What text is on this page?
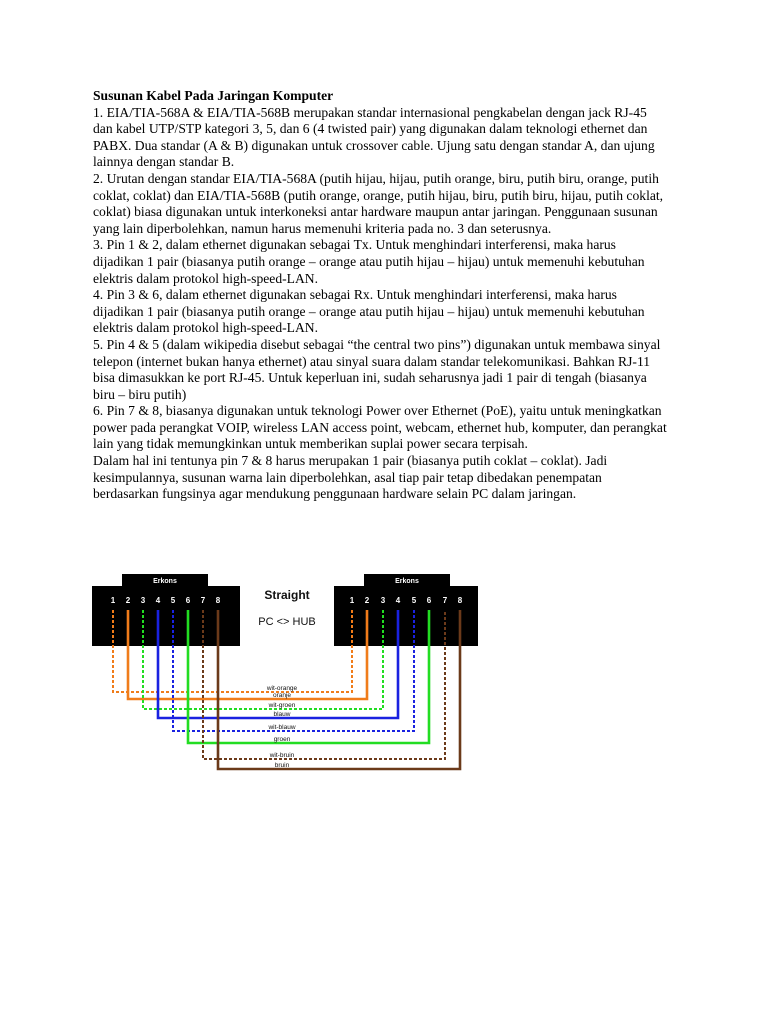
Susunan Kabel Pada Jaringan Komputer

1. EIA/TIA-568A & EIA/TIA-568B merupakan standar internasional pengkabelan dengan jack RJ-45 dan kabel UTP/STP kategori 3, 5, dan 6 (4 twisted pair) yang digunakan dalam teknologi ethernet dan PABX. Dua standar (A & B) digunakan untuk crossover cable. Ujung satu dengan standar A, dan ujung lainnya dengan standar B.

2. Urutan dengan standar EIA/TIA-568A (putih hijau, hijau, putih orange, biru, putih biru, orange, putih coklat, coklat) dan EIA/TIA-568B (putih orange, orange, putih hijau, biru, putih biru, hijau, putih coklat, coklat) biasa digunakan untuk interkoneksi antar hardware maupun antar jaringan. Penggunaan susunan yang lain diperbolehkan, namun harus memenuhi kriteria pada no. 3 dan seterusnya.

3. Pin 1 & 2, dalam ethernet digunakan sebagai Tx. Untuk menghindari interferensi, maka harus dijadikan 1 pair (biasanya putih orange – orange atau putih hijau – hijau) untuk memenuhi kebutuhan elektris dalam protokol high-speed-LAN.

4. Pin 3 & 6, dalam ethernet digunakan sebagai Rx. Untuk menghindari interferensi, maka harus dijadikan 1 pair (biasanya putih orange – orange atau putih hijau – hijau) untuk memenuhi kebutuhan elektris dalam protokol high-speed-LAN.

5. Pin 4 & 5 (dalam wikipedia disebut sebagai “the central two pins”) digunakan untuk membawa sinyal telepon (internet bukan hanya ethernet) atau sinyal suara dalam standar telekomunikasi. Bahkan RJ-11 bisa dimasukkan ke port RJ-45. Untuk keperluan ini, sudah seharusnya jadi 1 pair di tengah (biasanya biru – biru putih)

6. Pin 7 & 8, biasanya digunakan untuk teknologi Power over Ethernet (PoE), yaitu untuk meningkatkan power pada perangkat VOIP, wireless LAN access point, webcam, ethernet hub, komputer, dan perangkat lain yang tidak memungkinkan untuk memberikan suplai power secara terpisah.

Dalam hal ini tentunya pin 7 & 8 harus merupakan 1 pair (biasanya putih coklat – coklat). Jadi kesimpulannya, susunan warna lain diperbolehkan, asal tiap pair tetap dibedakan penempatan berdasarkan fungsinya agar mendukung penggunaan hardware selain PC dalam jaringan.

Erkons
1 2 3 4 5 6 7 8
Erkons
1 2 3 4 5 6 7 8
Straight
PC <> HUB
wit-orange
oranje
wit-groen
blauw
wit-blauw
groen
wit-bruin
bruin
